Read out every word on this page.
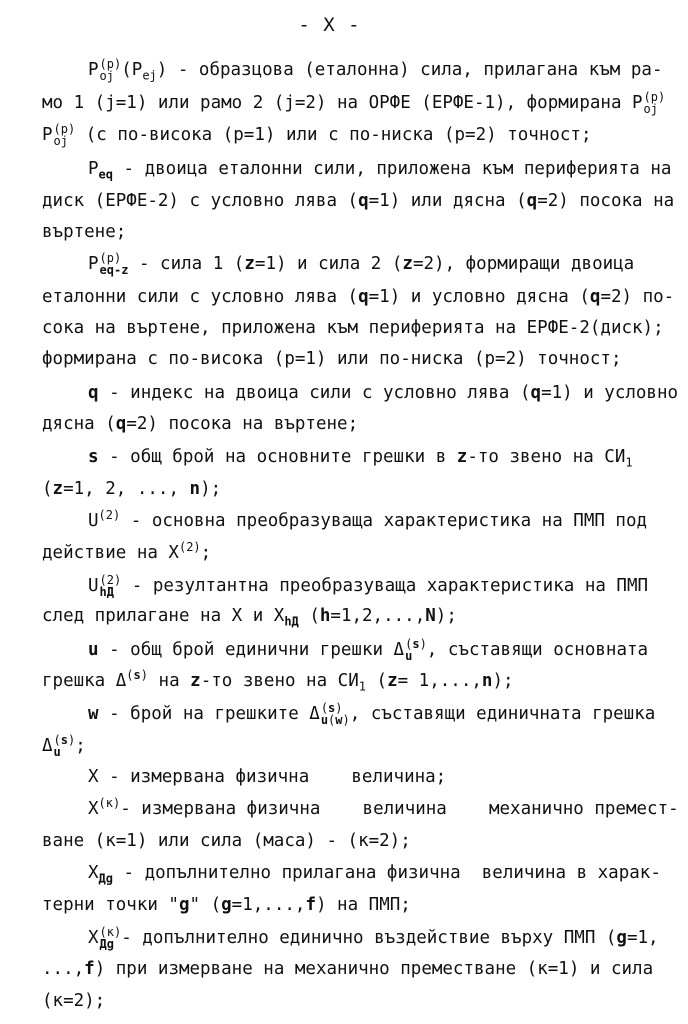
- X -
P (p)
oj $(P_{ej})$ - образцова (еталонна) сила, прилагана към ра-
мо 1 (j=1) или рамо 2 (j=2) на ОРФЕ (ЕРФЕ-1), формирана P (p)
oj
P (p)
oj (с по-висока (p=1) или с по-ниска (p=2) точност;
$P_{eq}$ - двоица еталонни сили, приложена към периферията на
диск (ЕРФЕ-2) с условно лява (q=1) или дясна (q=2) посока на
въртене;
P (p)
eq-z - сила 1 (z=1) и сила 2 (z=2), формиращи двоица
еталонни сили с условно лява (q=1) и условно дясна (q=2) по-
сока на въртене, приложена към периферията на ЕРФЕ-2(диск);
формирана с по-висока (p=1) или по-ниска (p=2) точност;
q - индекс на двоица сили с условно лява (q=1) и условно
дясна (q=2) посока на въртене;
s - общ брой на основните грешки в z-то звено на $СИ_1$
(z=1, 2, ..., n);
$U^{(2)}$ - основна преобразуваща характеристика на ПМП под
действие на $X^{(2)}$;
U (2)
hД - резултантна преобразуваща характеристика на ПМП
след прилагане на X и $X_{hД}$ (h=1,2,...,N);
u - общ брой единични грешки Δ (s)
u , съставящи основната
грешка $\Delta^{(s)}$ на z-то звено на $СИ_1$ (z= 1,...,n);
w - брой на грешките Δ (s)
u(w) , съставящи единичната грешка
Δ (s)
u ;
X - измервана физична    величина;
$X^{(к)}-$ измервана физична    величина    механично премест-
ване (к=1) или сила (маса) - (к=2);
$X_{Дg}$ - допълнително прилагана физична  величина в харак-
терни точки "g" (g=1,...,f) на ПМП;
X (к)
Дg - допълнително единично въздействие върху ПМП (g=1,
...,f) при измерване на механично преместване (к=1) и сила
(к=2);
